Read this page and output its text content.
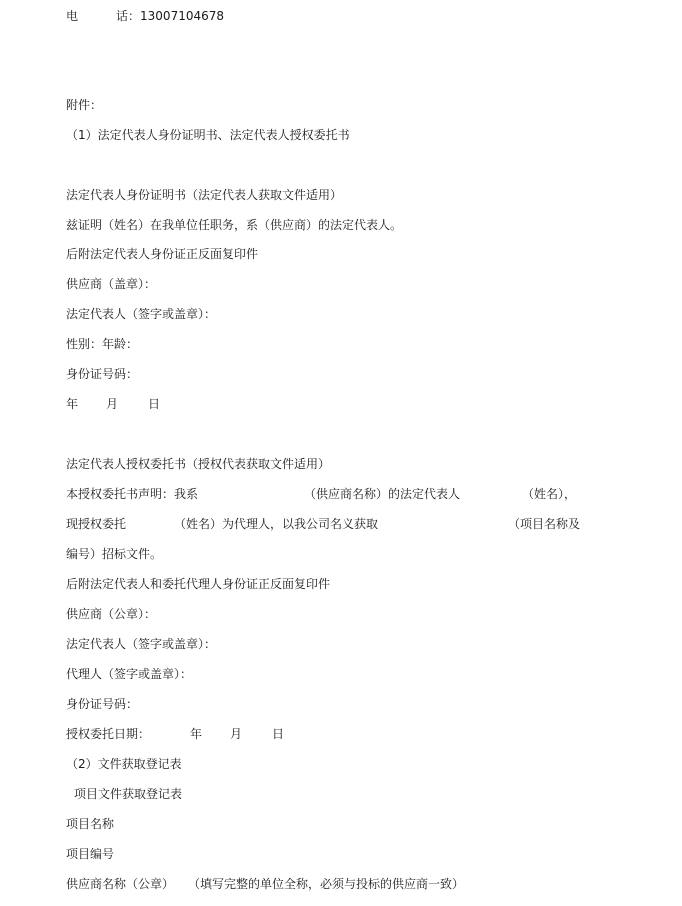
电	话：13007104678
附件：
（1）法定代表人身份证明书、法定代表人授权委托书
法定代表人身份证明书（法定代表人获取文件适用）
兹证明（姓名）在我单位任职务，系（供应商）的法定代表人。
后附法定代表人身份证正反面复印件
供应商（盖章）：
法定代表人（签字或盖章）：
性别：年龄：
身份证号码：
年 月	日
法定代表人授权委托书（授权代表获取文件适用）
本授权委托书声明：我系	（供应商名称）的法定代表人	（姓名），
现授权委托	（姓名）为代理人，以我公司名义获取	（项目名称及
编号）招标文件。
后附法定代表人和委托代理人身份证正反面复印件
供应商（公章）：
法定代表人（签字或盖章）：
代理人（签字或盖章）：
身份证号码：
授权委托日期：	年 月	日
（2）文件获取登记表
项目文件获取登记表
项目名称
项目编号
供应商名称（公章） （填写完整的单位全称，必须与投标的供应商一致）
